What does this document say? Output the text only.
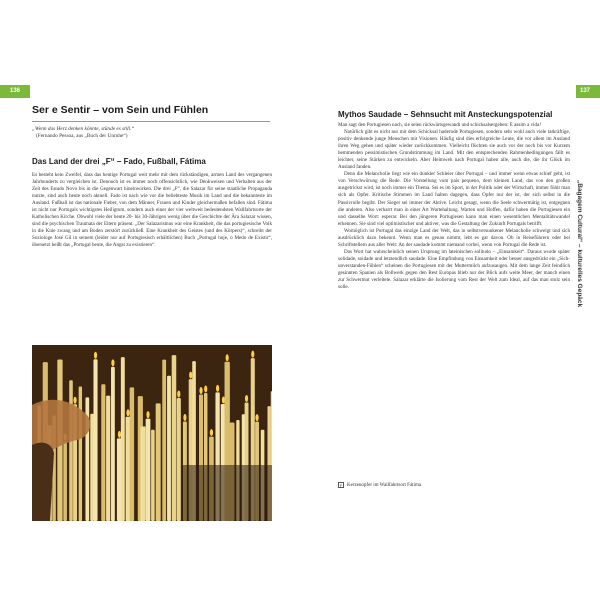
136
Ser e Sentir – vom Sein und Fühlen
„Wenn das Herz denken könnte, stünde es still.“
(Fernando Pessoa, aus „Buch der Unruhe“)
Das Land der drei „F“ – Fado, Fußball, Fátima

Es besteht kein Zweifel, dass das heutige Portugal weit mehr mit dem rückständigen, armen Land des vergangenen Jahrhunderts zu vergleichen ist. Dennoch ist es immer noch offensichtlich, wie Denkweisen und Verhalten aus der Zeit des Estado Novo bis in die Gegenwart hineinwirken. Die drei „F“, die Salazar für seine staatliche Propaganda nutzte, sind auch heute noch aktuell. Fado ist nach wie vor die beliebteste Musik im Land und die bekannteste im Ausland. Fußball ist das nationale Fieber, von dem Männer, Frauen und Kinder gleichermaßen befallen sind. Fátima ist nicht nur Portugals wichtigstes Heiligtum, sondern auch einer der vier weltweit bedeutendsten Wallfahrtsorte der Katholischen Kirche. Obwohl viele der heute 20- bis 30-Jährigen wenig über die Geschichte der Ära Salazar wissen, sind die psychischen Traumata der Eltern präsent. „Der Salazarismus war eine Krankheit, die das portugiesische Volk in die Knie zwang und am Boden zerstört zurückließ. Eine Krankheit des Geistes (und des Körpers)“, schreibt der Soziologe José Gil in seinem (leider nur auf Portugiesisch erhältlichen) Buch „Portugal hoje, o Medo de Existir“, übersetzt heißt das „Portugal heute, die Angst zu existieren“.

137
„Bagagem Cultural“ – kulturelles Gepäck
Mythos Saudade – Sehnsucht mit Ansteckungspotenzial

Man sagt den Portugiesen nach, sie seien rückwärtsgewandt und schicksalsergeben: É assim a vida!

Natürlich gibt es nicht nur mit dem Schicksal hadernde Portugiesen, sondern sehr wohl auch viele tatkräftige, positiv denkende junge Menschen mit Visionen. Häufig sind dies erfolgreiche Leute, die vor allem im Ausland ihren Weg gehen und später wieder zurückkommen. Vielleicht flüchten sie auch vor der noch bis vor Kurzem hemmenden pessimistischen Grundstimmung im Land. Mit den entsprechenden Rahmenbedingungen fällt es leichter, seine Stärken zu entwickeln. Aber Heimweh nach Portugal haben alle, auch die, die ihr Glück im Ausland fanden.

Denn die Melancholie liegt wie ein dunkler Schleier über Portugal – und immer wenn etwas schief geht, ist von Verschwörung die Rede. Die Vorstellung vom país pequeno, dem kleinen Land, das von den großen ausgetrickst wird, ist noch immer ein Thema. Sei es im Sport, in der Politik oder der Wirtschaft, immer fühlt man sich als Opfer. Kritische Stimmen im Land halten dagegen, dass Opfer nur der ist, der sich selbst in die Passivrolle begibt. Der Sieger sei immer der Aktive. Leicht gesagt, wenn die Seele schwermütig ist, entgegnen die anderen. Also verharrt man in einer Art Wartehaltung. Warten und Hoffen, dafür haben die Portugiesen ein und dasselbe Wort: esperar. Bei den jüngeren Portugiesen kann man einen wesentlichen Mentalitätswandel erkennen. Sie sind viel optimistischer und aktiver, was die Gestaltung der Zukunft Portugals betrifft.

Womöglich ist Portugal das einzige Land der Welt, das in selbstversunkener Melancholie schwelgt und sich ausdrücklich dazu bekennt. Wenn man es genau nimmt, lebt es gar davon. Ob in Reiseführern oder bei Schriftstellern aus aller Welt: An der saudade kommt niemand vorbei, wenn von Portugal die Rede ist.

Das Wort hat wahrscheinlich seinen Ursprung im lateinischen solitudo – „Einsamkeit“. Daraus wurde später solidade, soidade und letztendlich saudade. Eine Empfindung von Einsamkeit oder besser ausgedrückt ein „Sich-unverstanden-Fühlen“ scheinen die Portugiesen mit der Muttermilch aufzusaugen. Mit dem lange Zeit feindlich gesinnten Spanien als Bollwerk gegen den Rest Europas blieb nur der Blick aufs weite Meer, der manch einen zur Schwermut verleitete. Salazar erklärte die Isolierung vom Rest der Welt zum Ideal, auf das man stolz sein solle.

F Kerzenopfer im Wallfahrtsort Fátima
